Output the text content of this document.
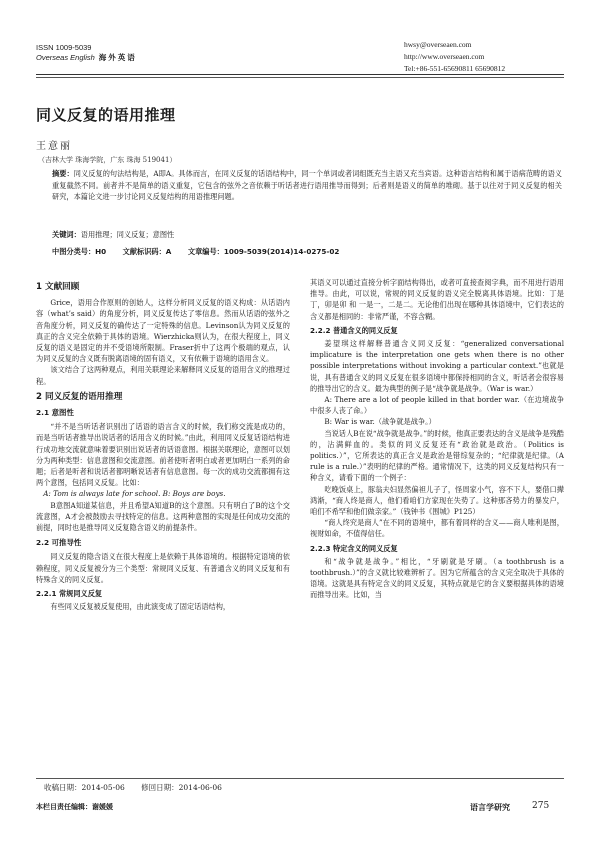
ISSN 1009-5039
Overseas English 海外英语
hwsy@overseaen.com
http://www.overseaen.com
Tel:+86-551-65690811 65690812
同义反复的语用推理
王意丽
（吉林大学 珠海学院，广东 珠海 519041）
摘要：同义反复的句法结构是，A即A。具体而言，在同义反复的话语结构中，同一个单词或者词组既充当主语又充当宾语。这种语言结构和属于语病范畴的语义重复截然不同。前者并不是简单的语义重复，它包含的弦外之音依赖于听话者进行语用推导而得到；后者则是语义的简单的堆砌。基于以往对于同义反复的相关研究，本篇论文进一步讨论同义反复结构的用语推理问题。
关键词：语用推理；同义反复；意图性
中图分类号：H0 文献标识码：A 文章编号：1009-5039(2014)14-0275-02
1 文献回顾

Grice，语用合作原则的创始人，这样分析同义反复的语义构成：从话语内容（what’s said）的角度分析，同义反复传达了零信息。然而从话语的弦外之音角度分析，同义反复的确传达了一定特殊的信息。Levinson认为同义反复的真正的含义完全依赖于具体的语境。Wierzhicka则认为，在很大程度上，同义反复的语义是固定的并不受语境所限制。Fraser折中了这两个极端的观点，认为同义反复的含义既有脱离语境的固有语义，又有依赖于语境的语用含义。

该文结合了这两种观点，利用关联理论来解释同义反复的语用含义的推理过程。

2 同义反复的语用推理
2.1 意图性

“并不是当听话者识别出了话语的语言含义的时候，我们称交流是成功的，而是当听话者推导出说话者的话用含义的时候。”由此，利用同义反复话语结构进行成功地交流就意味着要识别出说话者的话语意图。根据关联理论，意图可以划分为两种类型：信息意图和交流意图。前者使听者明白或者更加明白一系列的命题；后者是听者和说话者都明晰说话者有信息意图。每一次的成功交流都拥有这两个意图，包括同义反复。比如：

A: Tom is always late for school. B: Boys are boys.

B意图A知道某信息，并且希望A知道B的这个意图。只有明白了B的这个交流意图，A才会被鼓励去寻找特定的信息。这两种意图的实现是任何成功交流的前提，同时也是推导同义反复隐含语义的前提条件。

2.2 可推导性

同义反复的隐含语义在很大程度上是依赖于具体语境的。根据特定语境的依赖程度，同义反复被分为三个类型：常规同义反复、有普通含义的同义反复和有特殊含义的同义反复。

2.2.1 常规同义反复

有些同义反复被反复使用，由此演变成了固定话语结构，

其语义可以通过直接分析字面结构得出，或者可直接查阅字典，而不用进行语用推导。由此，可以说，常规的同义反复的语义完全脱离具体语境。比如：丁是丁，卯是卯 和 一是一，二是二。无论他们出现在哪种具体语境中，它们表达的含义都是相同的：非常严谨，不容含糊。

2.2.2 普通含义的同义反复

姜望琪这样解释普通含义同义反复：“generalized conversational implicature is the interpretation one gets when there is no other possible interpretations without invoking a particular context.”也就是说，具有普通含义的同义反复在很多语境中都保持相同的含义，听话者会很容易的推导出它的含义。最为典型的例子是“战争就是战争。（War is war.）

A: There are a lot of people killed in that border war.（在边境战争中很多人丧了命。）

B: War is war.（战争就是战争。）

当说话人B在说“战争就是战争。”的时候，他真正要表达的含义是战争是残酷的，沾满鲜血的。类似的同义反复还有“政治就是政治。（Politics is politics.）”，它所表达的真正含义是政治是错综复杂的；“纪律就是纪律。（A rule is a rule.）”表明的纪律的严格。通常情况下，这类的同义反复结构只有一种含义，请看下面的一个例子：

吃晚饭桌上，豚翁夫妇显然偏袒儿子了，怪周家小气，容不下人，要借口撵鸿渐，“商人终是商人，他们看咱们方家现在失势了。这种那吝势力的暴发户，咱们不希罕和他们做亲家。”（钱钟书《围城》P125）

“商人终究是商人”在不同的语境中，都有着同样的含义——商人唯利是图，视财如命，不值得信任。

2.2.3 特定含义的同义反复

和“战争就是战争。”相比，“牙刷就是牙刷。（a toothbrush is a toothbrush.）”的含义就比较难辨析了。因为它所蕴含的含义完全取决于具体的语境。这就是具有特定含义的同义反复，其特点就是它的含义要根据具体的语境而推导出来。比如，当

收稿日期：2014-05-06 修回日期：2014-06-06
本栏目责任编辑：谢媛媛	语言学研究 275
